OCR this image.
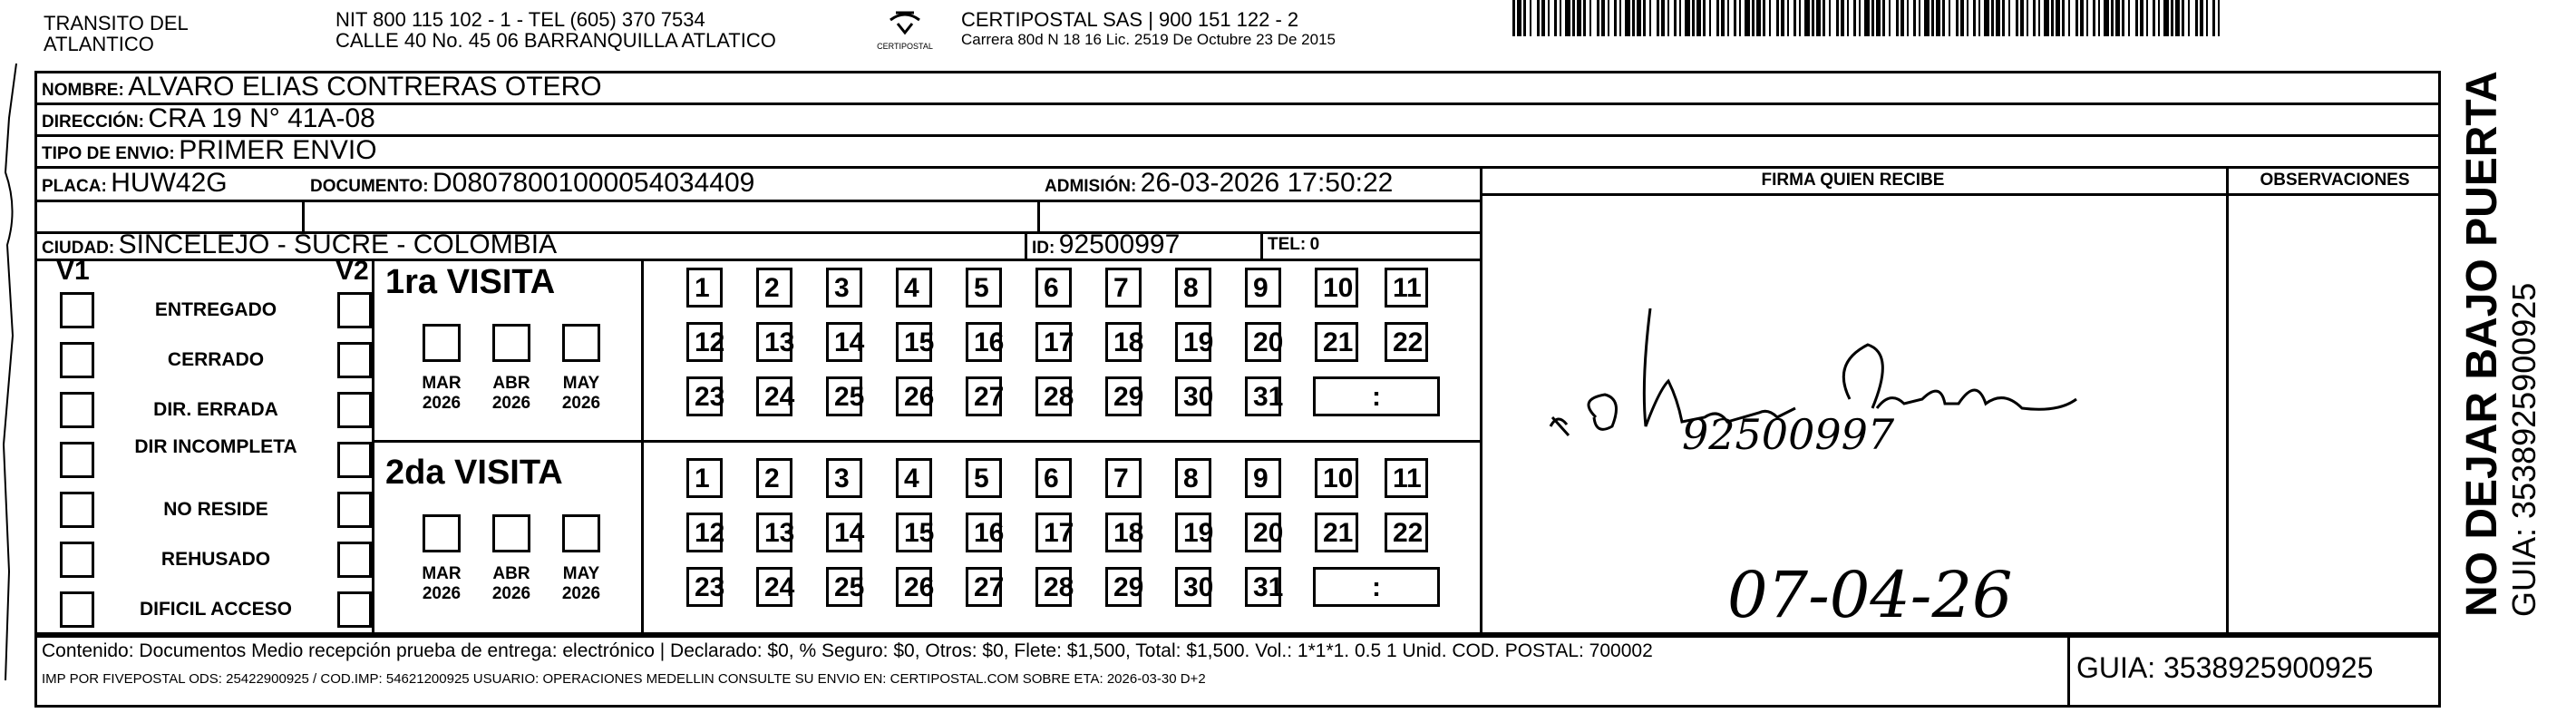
TRANSITO DEL
ATLANTICO
NIT 800 115 102 - 1 - TEL (605) 370 7534
CALLE 40 No. 45 06 BARRANQUILLA ATLATICO	CERTIPOSTAL
CERTIPOSTAL SAS | 900 151 122 - 2
Carrera 80d N 18 16 Lic. 2519 De Octubre 23 De 2015
NOMBRE: ALVARO ELIAS CONTRERAS OTERO
DIRECCIÓN: CRA 19 N° 41A-08
TIPO DE ENVIO: PRIMER ENVIO
PLACA: HUW42G	DOCUMENTO: D08078001000054034409	ADMISIÓN: 26-03-2026 17:50:22
CIUDAD: SINCELEJO - SUCRE - COLOMBIA	ID: 92500997	TEL: 0
FIRMA QUIEN RECIBE	OBSERVACIONES
V1	V2
ENTREGADO
CERRADO
DIR. ERRADA
DIR INCOMPLETA
NO RESIDE
REHUSADO
DIFICIL ACCESO
1ra VISITA
2da VISITA
MAR
2026
ABR
2026
MAY
2026
MAR
2026
ABR
2026
MAY
2026
1	2	3	4	5	6	7	8	9	10 11
12 13 14 15 16 17 18 19 20 21 22
23 24 25 26 27 28 29 30 31	:
1	2	3	4	5	6	7	8	9	10 11
12 13 14 15 16 17 18 19 20 21 22
23 24 25 26 27 28 29 30 31	:
92500997
07-04-26
Contenido: Documentos Medio recepción prueba de entrega: electrónico | Declarado: $0, % Seguro: $0, Otros: $0, Flete: $1,500, Total: $1,500. Vol.: 1*1*1. 0.5 1 Unid. COD. POSTAL: 700002
IMP POR FIVEPOSTAL ODS: 25422900925 / COD.IMP: 54621200925 USUARIO: OPERACIONES MEDELLIN CONSULTE SU ENVIO EN: CERTIPOSTAL.COM SOBRE ETA: 2026-03-30 D+2	GUIA: 3538925900925
NO DEJAR BAJO PUERTA GUIA: 3538925900925
